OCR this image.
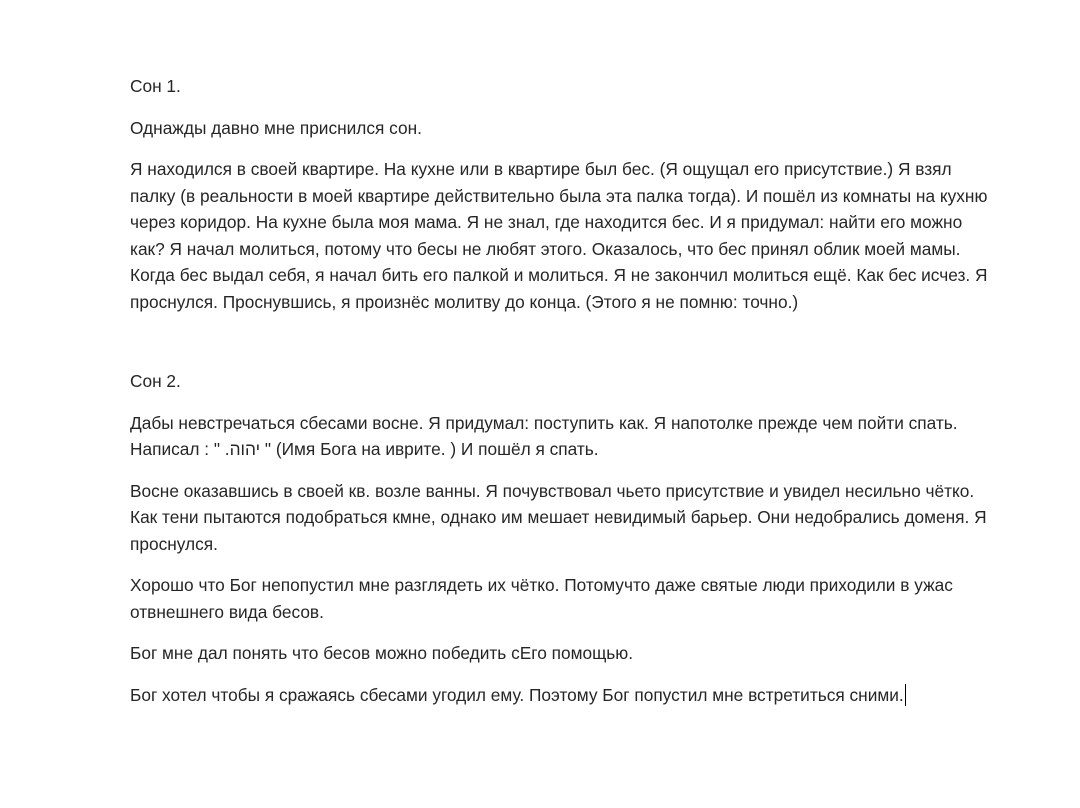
Сон 1.

Однажды давно мне приснился сон.

Я находился в своей квартире. На кухне или в квартире был бес. (Я ощущал его присутствие.) Я взял палку (в реальности в моей квартире действительно была эта палка тогда). И пошёл из комнаты на кухню через коридор. На кухне была моя мама. Я не знал, где находится бес. И я придумал: найти его можно как? Я начал молиться, потому что бесы не любят этого. Оказалось, что бес принял облик моей мамы. Когда бес выдал себя, я начал бить его палкой и молиться. Я не закончил молиться ещё. Как бес исчез. Я проснулся. Проснувшись, я произнёс молитву до конца. (Этого я не помню: точно.)

Сон 2.

Дабы невстречаться сбесами восне. Я придумал: поступить как. Я напотолке прежде чем пойти спать. Написал : " יהוה. " (Имя Бога на иврите. ) И пошёл я спать.

Восне оказавшись в своей кв. возле ванны. Я почувствовал чьето присутствие и увидел несильно чётко. Как тени пытаются подобраться кмне, однако им мешает невидимый барьер. Они недобрались доменя. Я проснулся.

Хорошо что Бог непопустил мне разглядеть их чётко. Потомучто даже святые люди приходили в ужас отвнешнего вида бесов.

Бог мне дал понять что бесов можно победить сЕго помощью.

Бог хотел чтобы я сражаясь сбесами угодил ему. Поэтому Бог попустил мне встретиться сними.
